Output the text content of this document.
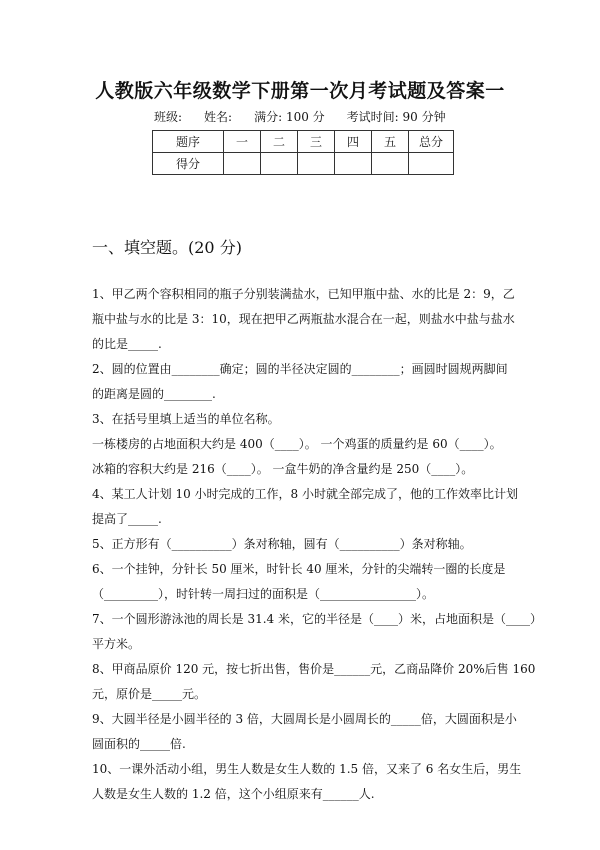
人教版六年级数学下册第一次月考试题及答案一
班级: 姓名: 满分: 100 分 考试时间: 90 分钟
题序	一	二	三	四	五	总分
得分						
一、填空题。(20 分)
1、甲乙两个容积相同的瓶子分别装满盐水，已知甲瓶中盐、水的比是 2：9，乙
瓶中盐与水的比是 3：10，现在把甲乙两瓶盐水混合在一起，则盐水中盐与盐水
的比是_____.
2、圆的位置由________确定；圆的半径决定圆的________；画圆时圆规两脚间
的距离是圆的________.
3、在括号里填上适当的单位名称。
一栋楼房的占地面积大约是 400（____）。 一个鸡蛋的质量约是 60（____）。
冰箱的容积大约是 216（____）。 一盒牛奶的净含量约是 250（____）。
4、某工人计划 10 小时完成的工作，8 小时就全部完成了，他的工作效率比计划
提高了_____.
5、正方形有（__________）条对称轴，圆有（__________）条对称轴。
6、一个挂钟，分针长 50 厘米，时针长 40 厘米，分针的尖端转一圈的长度是
（_________），时针转一周扫过的面积是（________________）。
7、一个圆形游泳池的周长是 31.4 米，它的半径是（____）米，占地面积是（____）
平方米。
8、甲商品原价 120 元，按七折出售，售价是______元，乙商品降价 20%后售 160
元，原价是_____元。
9、大圆半径是小圆半径的 3 倍，大圆周长是小圆周长的_____倍，大圆面积是小
圆面积的_____倍.
10、一课外活动小组，男生人数是女生人数的 1.5 倍，又来了 6 名女生后，男生
人数是女生人数的 1.2 倍，这个小组原来有______人.
